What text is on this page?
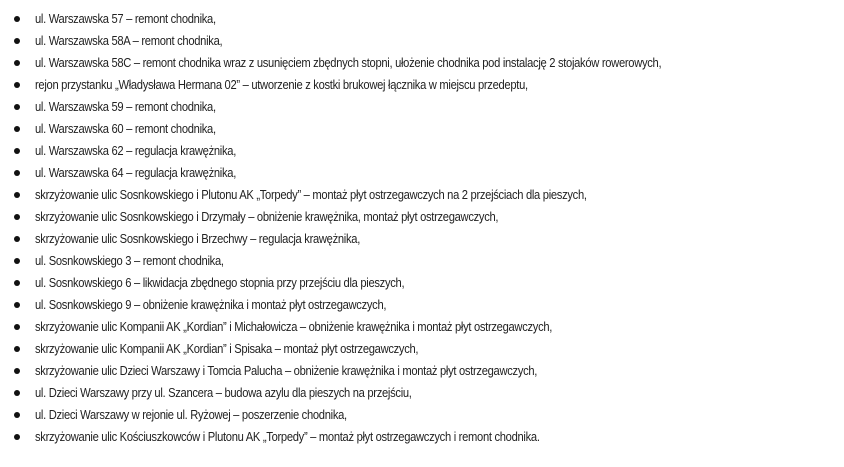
ul. Warszawska 57 – remont chodnika,
ul. Warszawska 58A – remont chodnika,
ul. Warszawska 58C – remont chodnika wraz z usunięciem zbędnych stopni, ułożenie chodnika pod instalację 2 stojaków rowerowych,
rejon przystanku „Władysława Hermana 02” – utworzenie z kostki brukowej łącznika w miejscu przedeptu,
ul. Warszawska 59 – remont chodnika,
ul. Warszawska 60 – remont chodnika,
ul. Warszawska 62 – regulacja krawężnika,
ul. Warszawska 64 – regulacja krawężnika,
skrzyżowanie ulic Sosnkowskiego i Plutonu AK „Torpedy” – montaż płyt ostrzegawczych na 2 przejściach dla pieszych,
skrzyżowanie ulic Sosnkowskiego i Drzymały – obniżenie krawężnika, montaż płyt ostrzegawczych,
skrzyżowanie ulic Sosnkowskiego i Brzechwy – regulacja krawężnika,
ul. Sosnkowskiego 3 – remont chodnika,
ul. Sosnkowskiego 6 – likwidacja zbędnego stopnia przy przejściu dla pieszych,
ul. Sosnkowskiego 9 – obniżenie krawężnika i montaż płyt ostrzegawczych,
skrzyżowanie ulic Kompanii AK „Kordian” i Michałowicza – obniżenie krawężnika i montaż płyt ostrzegawczych,
skrzyżowanie ulic Kompanii AK „Kordian” i Spisaka – montaż płyt ostrzegawczych,
skrzyżowanie ulic Dzieci Warszawy i Tomcia Palucha – obniżenie krawężnika i montaż płyt ostrzegawczych,
ul. Dzieci Warszawy przy ul. Szancera – budowa azylu dla pieszych na przejściu,
ul. Dzieci Warszawy w rejonie ul. Ryżowej – poszerzenie chodnika,
skrzyżowanie ulic Kościuszkowców i Plutonu AK „Torpedy” – montaż płyt ostrzegawczych i remont chodnika.
